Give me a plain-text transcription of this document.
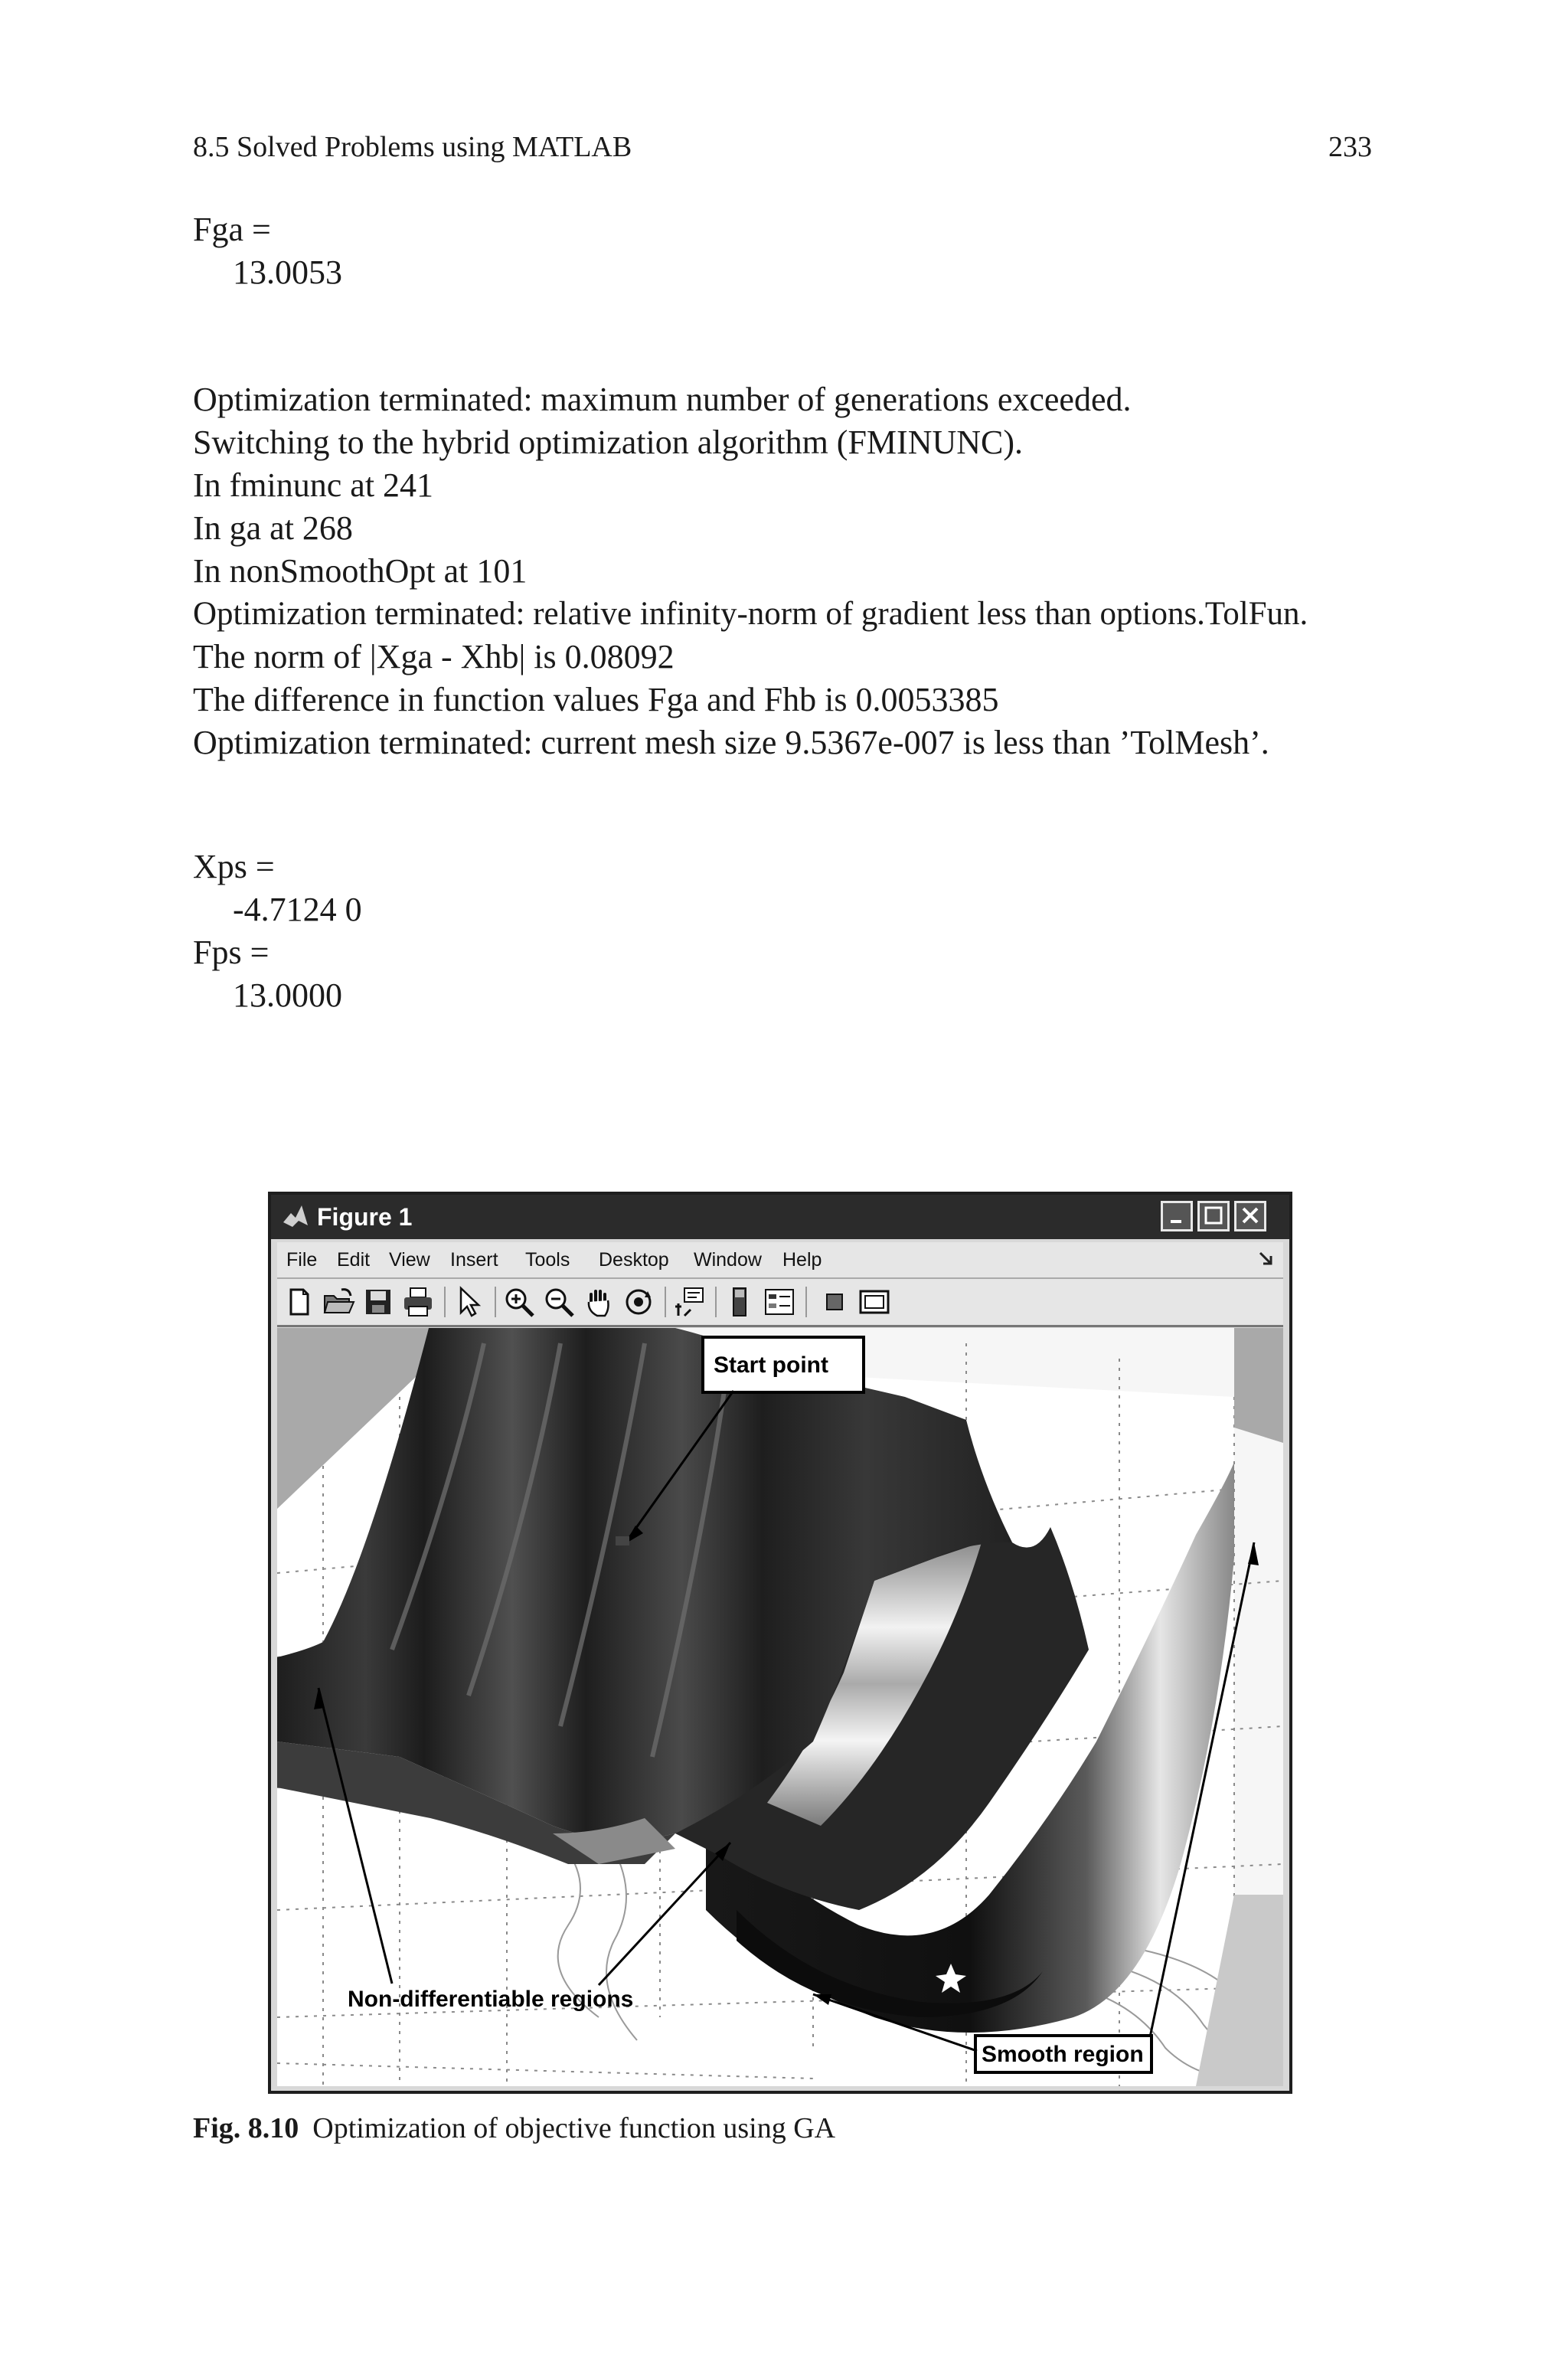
8.5 Solved Problems using MATLAB	233
Fga =
13.0053
Optimization terminated: maximum number of generations exceeded.
Switching to the hybrid optimization algorithm (FMINUNC).
In fminunc at 241
In ga at 268
In nonSmoothOpt at 101
Optimization terminated: relative infinity-norm of gradient less than options.TolFun.
The norm of |Xga - Xhb| is 0.08092
The difference in function values Fga and Fhb is 0.0053385
Optimization terminated: current mesh size 9.5367e-007 is less than ’TolMesh’.
Xps =
-4.7124 0
Fps =
13.0000
Figure 1
File Edit View Insert Tools Desktop Window Help
Start point
Non-differentiable regions
Smooth region
Fig. 8.10 Optimization of objective function using GA
